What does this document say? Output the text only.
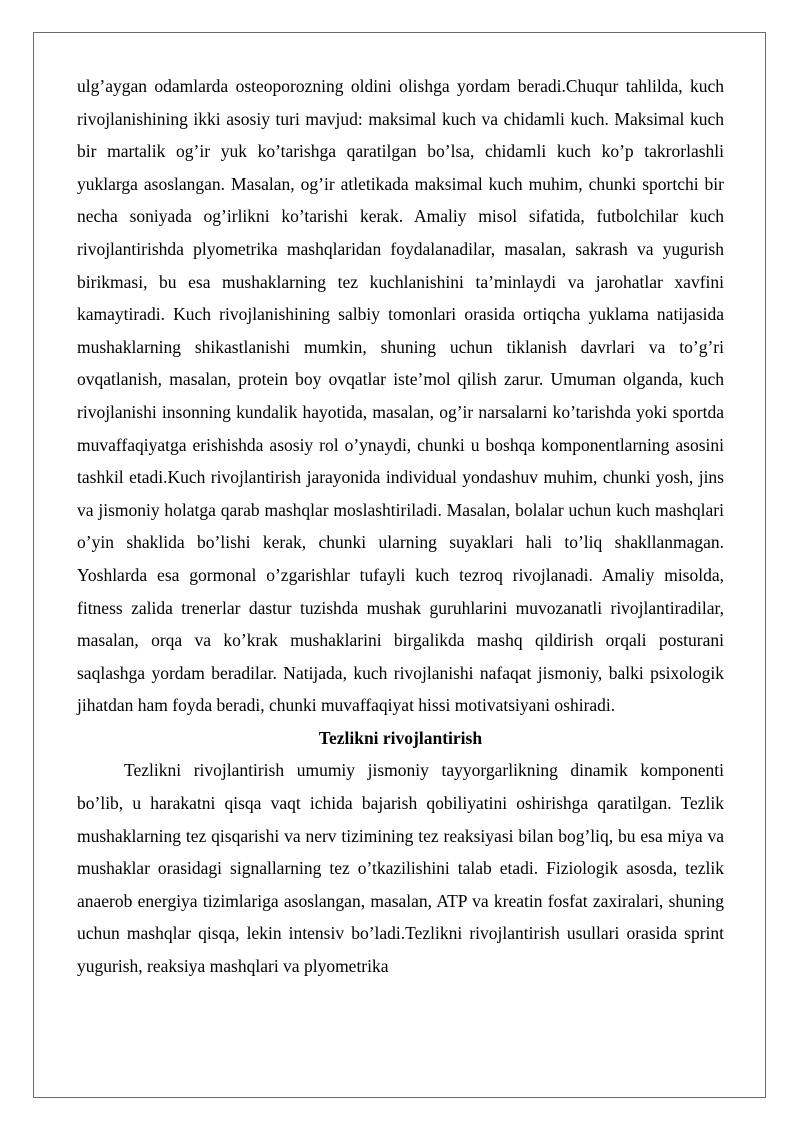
ulg’aygan odamlarda osteoporozning oldini olishga yordam beradi.Chuqur tahlilda, kuch rivojlanishining ikki asosiy turi mavjud: maksimal kuch va chidamli kuch. Maksimal kuch bir martalik og’ir yuk ko’tarishga qaratilgan bo’lsa, chidamli kuch ko’p takrorlashli yuklarga asoslangan. Masalan, og’ir atletikada maksimal kuch muhim, chunki sportchi bir necha soniyada og’irlikni ko’tarishi kerak. Amaliy misol sifatida, futbolchilar kuch rivojlantirishda plyometrika mashqlaridan foydalanadilar, masalan, sakrash va yugurish birikmasi, bu esa mushaklarning tez kuchlanishini ta’minlaydi va jarohatlar xavfini kamaytiradi. Kuch rivojlanishining salbiy tomonlari orasida ortiqcha yuklama natijasida mushaklarning shikastlanishi mumkin, shuning uchun tiklanish davrlari va to’g’ri ovqatlanish, masalan, protein boy ovqatlar iste’mol qilish zarur. Umuman olganda, kuch rivojlanishi insonning kundalik hayotida, masalan, og’ir narsalarni ko’tarishda yoki sportda muvaffaqiyatga erishishda asosiy rol o’ynaydi, chunki u boshqa komponentlarning asosini tashkil etadi.Kuch rivojlantirish jarayonida individual yondashuv muhim, chunki yosh, jins va jismoniy holatga qarab mashqlar moslashtiriladi. Masalan, bolalar uchun kuch mashqlari o’yin shaklida bo’lishi kerak, chunki ularning suyaklari hali to’liq shakllanmagan. Yoshlarda esa gormonal o’zgarishlar tufayli kuch tezroq rivojlanadi. Amaliy misolda, fitness zalida trenerlar dastur tuzishda mushak guruhlarini muvozanatli rivojlantiradilar, masalan, orqa va ko’krak mushaklarini birgalikda mashq qildirish orqali posturani saqlashga yordam beradilar. Natijada, kuch rivojlanishi nafaqat jismoniy, balki psixologik jihatdan ham foyda beradi, chunki muvaffaqiyat hissi motivatsiyani oshiradi.

Tezlikni rivojlantirish

Tezlikni rivojlantirish umumiy jismoniy tayyorgarlikning dinamik komponenti bo’lib, u harakatni qisqa vaqt ichida bajarish qobiliyatini oshirishga qaratilgan. Tezlik mushaklarning tez qisqarishi va nerv tizimining tez reaksiyasi bilan bog’liq, bu esa miya va mushaklar orasidagi signallarning tez o’tkazilishini talab etadi. Fiziologik asosda, tezlik anaerob energiya tizimlariga asoslangan, masalan, ATP va kreatin fosfat zaxiralari, shuning uchun mashqlar qisqa, lekin intensiv bo’ladi.Tezlikni rivojlantirish usullari orasida sprint yugurish, reaksiya mashqlari va plyometrika
